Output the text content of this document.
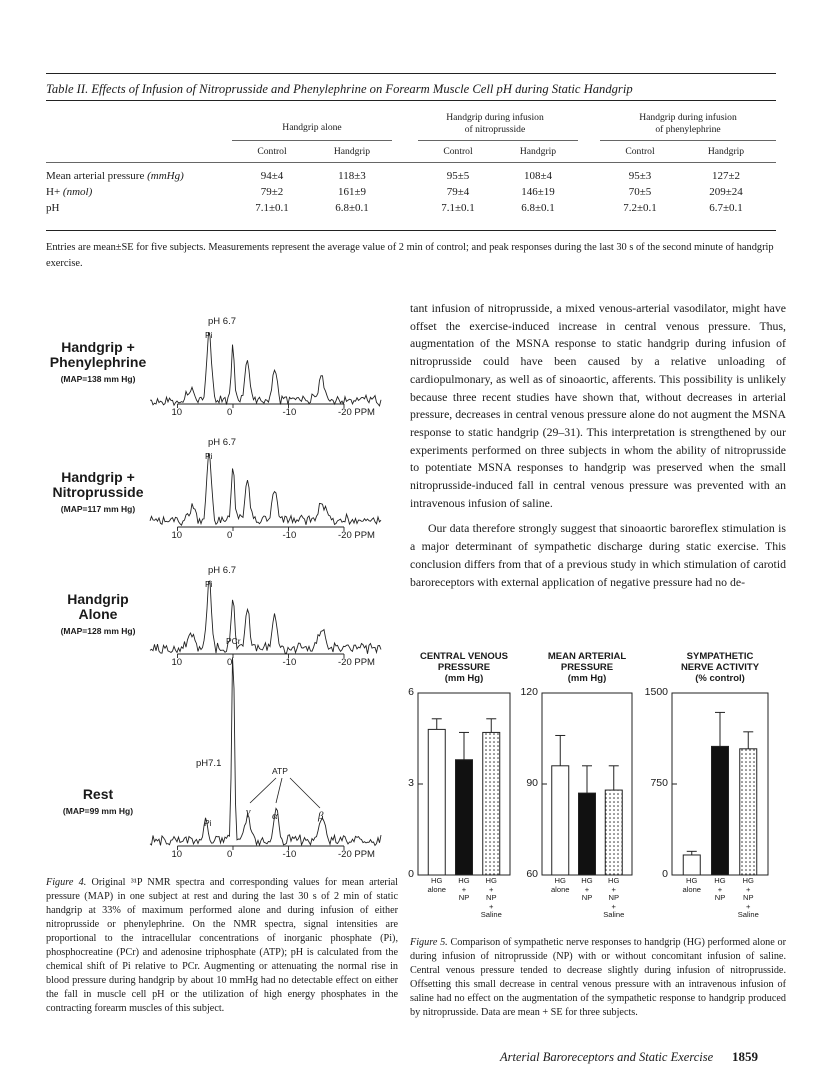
Table II. Effects of Infusion of Nitroprusside and Phenylephrine on Forearm Muscle Cell pH during Static Handgrip
Handgrip alone
Handgrip during infusion
of nitroprusside
Handgrip during infusion
of phenylephrine
Control	Handgrip	Control	Handgrip	Control	Handgrip
Mean arterial pressure (mmHg)	94±4	118±3	95±5	108±4	95±3	127±2
H+ (nmol)	79±2	161±9	79±4	146±19	70±5	209±24
pH	7.1±0.1	6.8±0.1	7.1±0.1	6.8±0.1	7.2±0.1	6.7±0.1
Entries are mean±SE for five subjects. Measurements represent the average value of 2 min of control; and peak responses during the last 30 s of the second minute of handgrip exercise.
Handgrip +
Phenylephrine
(MAP=138 mm Hg)
10	0	-10	-20 PPM
pH 6.7
Pi
Handgrip +
Nitroprusside
(MAP=117 mm Hg)
10	0	-10	-20 PPM
pH 6.7
Pi
Handgrip
Alone
(MAP=128 mm Hg)
10	0	-10	-20 PPM
pH 6.7
Pi
Rest
(MAP=99 mm Hg)
10	0	-10	-20 PPM
pH7.1
Pi
PCr
ATP
γ α	β
Figure 4. Original ³¹P NMR spectra and corresponding values for mean arterial pressure (MAP) in one subject at rest and during the last 30 s of 2 min of static handgrip at 33% of maximum performed alone and during infusion of either nitroprusside or phenylephrine. On the NMR spectra, signal intensities are proportional to the intracellular concentrations of inorganic phosphate (Pi), phosphocreatine (PCr) and adenosine triphosphate (ATP); pH is calculated from the chemical shift of Pi relative to PCr. Augmenting or attenuating the normal rise in blood pressure during handgrip by about 10 mmHg had no detectable effect on either the fall in muscle cell pH or the utilization of high energy phosphates in the contracting forearm muscles of this subject.

tant infusion of nitroprusside, a mixed venous-arterial vasodilator, might have offset the exercise-induced increase in central venous pressure. Thus, augmentation of the MSNA response to static handgrip during infusion of nitroprusside could have been caused by a relative unloading of cardiopulmonary, as well as of sinoaortic, afferents. This possibility is unlikely because three recent studies have shown that, without decreases in arterial pressure, decreases in central venous pressure alone do not augment the MSNA response to static handgrip (29–31). This interpretation is strengthened by our experiments performed on three subjects in whom the ability of nitroprusside to potentiate MSNA responses to handgrip was preserved when the small nitroprusside-induced fall in central venous pressure was prevented with an intravenous infusion of saline.

Our data therefore strongly suggest that sinoaortic baroreflex stimulation is a major determinant of sympathetic discharge during static exercise. This conclusion differs from that of a previous study in which stimulation of carotid baroreceptors with external application of negative pressure had no de-

0
3
6
CENTRAL VENOUS
PRESSURE
(mm Hg)
HG
alone
HG
+
NP
HG
+
NP
+
Saline
60
90
120
MEAN ARTERIAL
PRESSURE
(mm Hg)
HG
alone
HG
+
NP
HG
+
NP
+
Saline
0
750
1500
SYMPATHETIC
NERVE ACTIVITY
(% control)
HG
alone
HG
+
NP
HG
+
NP
+
Saline
Figure 5. Comparison of sympathetic nerve responses to handgrip (HG) performed alone or during infusion of nitroprusside (NP) with or without concomitant infusion of saline. Central venous pressure tended to decrease slightly during infusion of nitroprusside. Offsetting this small decrease in central venous pressure with an intravenous infusion of saline had no effect on the augmentation of the sympathetic response to handgrip produced by nitroprusside. Data are mean + SE for three subjects.
Arterial Baroreceptors and Static Exercise 1859
